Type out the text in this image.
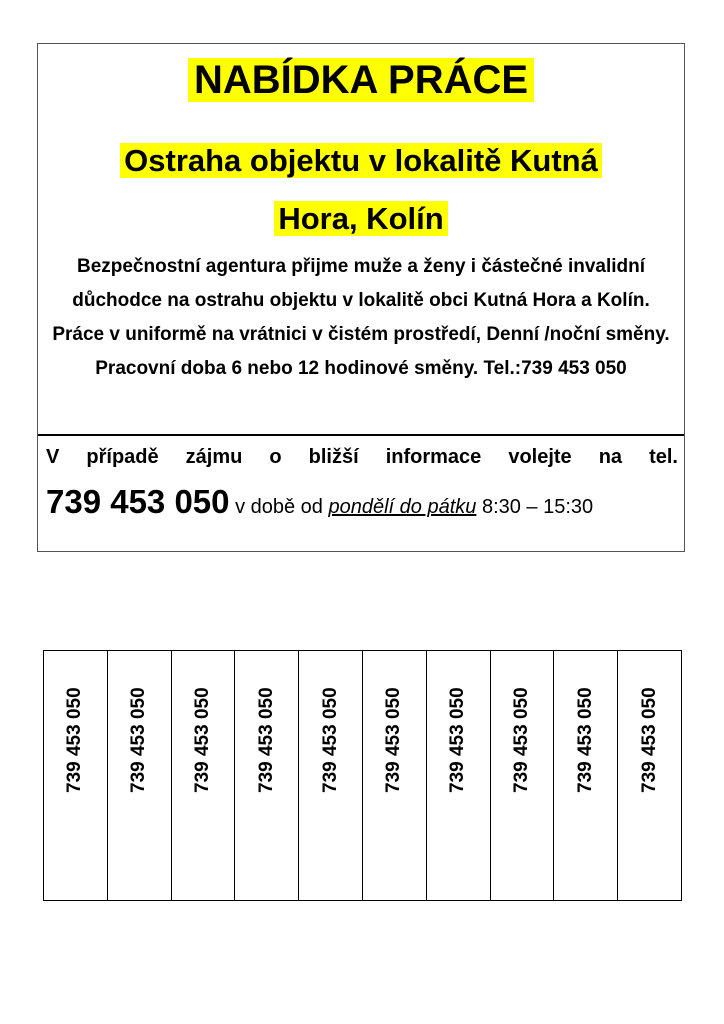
NABÍDKA PRÁCE
Ostraha objektu v lokalitě Kutná
Hora, Kolín
Bezpečnostní agentura přijme muže a ženy i částečné invalidní důchodce na ostrahu objektu v lokalitě obci Kutná Hora a Kolín. Práce v uniformě na vrátnici v čistém prostředí, Denní /noční směny. Pracovní doba 6 nebo 12 hodinové směny. Tel.:739 453 050
V případě zájmu o bližší informace volejte na tel.
739 453 050 v době od pondělí do pátku 8:30 – 15:30
739 453 050 739 453 050 739 453 050 739 453 050 739 453 050 739 453 050 739 453 050 739 453 050 739 453 050 739 453 050
